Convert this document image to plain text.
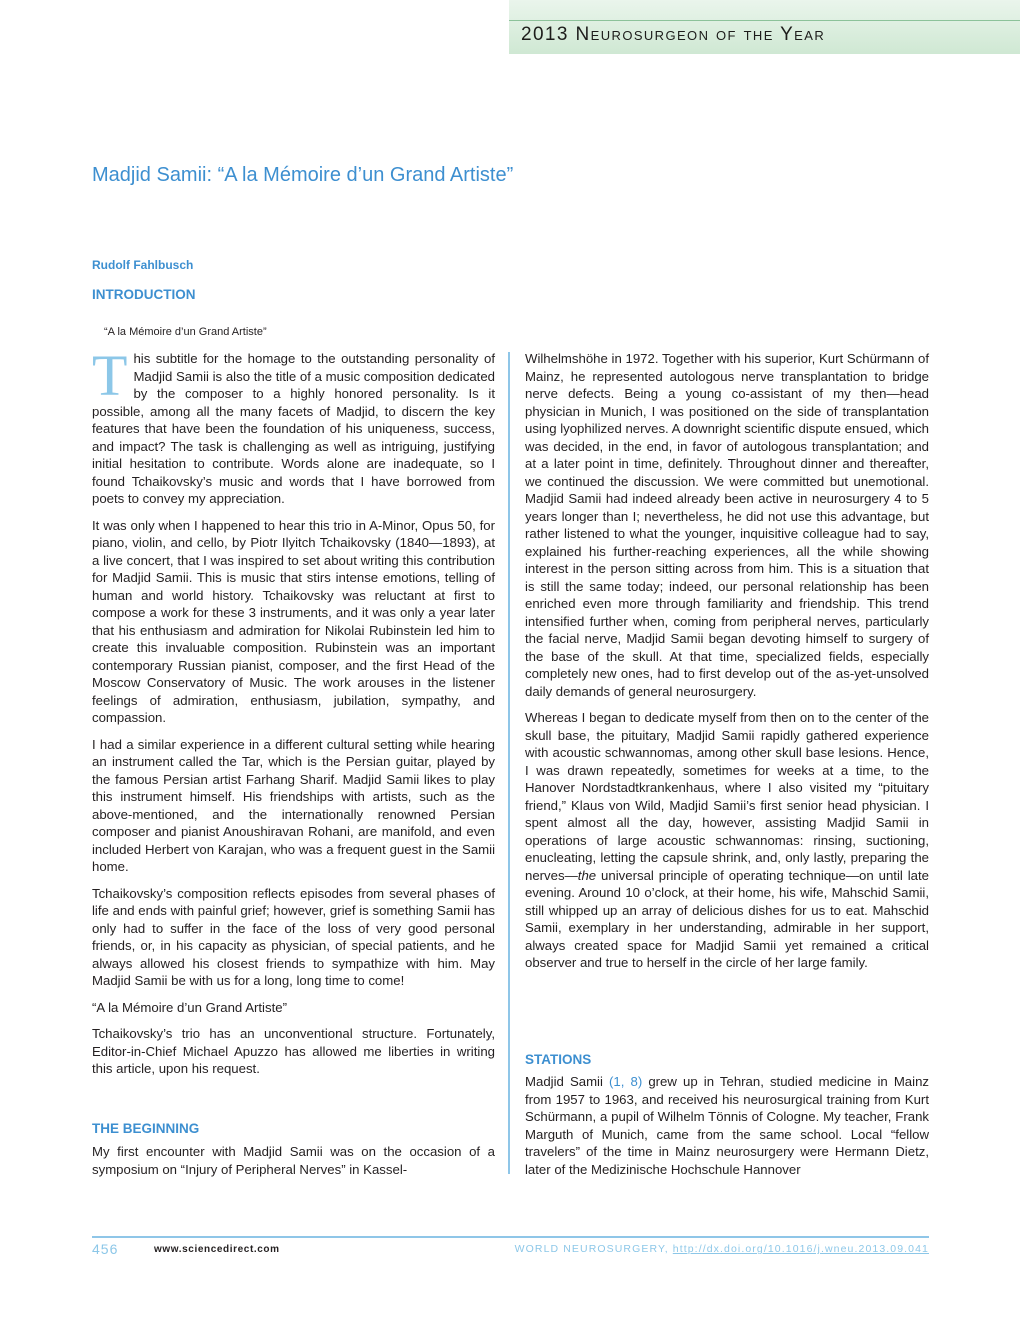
2013 Neurosurgeon of the Year
Madjid Samii: “A la Mémoire d’un Grand Artiste”
Rudolf Fahlbusch
INTRODUCTION
“A la Mémoire d’un Grand Artiste”

This subtitle for the homage to the outstanding personality of Madjid Samii is also the title of a music composition dedicated by the composer to a highly honored personality. Is it possible, among all the many facets of Madjid, to discern the key features that have been the foundation of his uniqueness, success, and impact? The task is challenging as well as intriguing, justifying initial hesitation to contribute. Words alone are inadequate, so I found Tchaikovsky’s music and words that I have borrowed from poets to convey my appreciation.

It was only when I happened to hear this trio in A-Minor, Opus 50, for piano, violin, and cello, by Piotr Ilyitch Tchaikovsky (1840—1893), at a live concert, that I was inspired to set about writing this contribution for Madjid Samii. This is music that stirs intense emotions, telling of human and world history. Tchaikovsky was reluctant at first to compose a work for these 3 instruments, and it was only a year later that his enthusiasm and admiration for Nikolai Rubinstein led him to create this invaluable composition. Rubinstein was an important contemporary Russian pianist, composer, and the first Head of the Moscow Conservatory of Music. The work arouses in the listener feelings of admiration, enthusiasm, jubilation, sympathy, and compassion.

I had a similar experience in a different cultural setting while hearing an instrument called the Tar, which is the Persian guitar, played by the famous Persian artist Farhang Sharif. Madjid Samii likes to play this instrument himself. His friendships with artists, such as the above-mentioned, and the internationally renowned Persian composer and pianist Anoushiravan Rohani, are manifold, and even included Herbert von Karajan, who was a frequent guest in the Samii home.

Tchaikovsky’s composition reflects episodes from several phases of life and ends with painful grief; however, grief is something Samii has only had to suffer in the face of the loss of very good personal friends, or, in his capacity as physician, of special patients, and he always allowed his closest friends to sympathize with him. May Madjid Samii be with us for a long, long time to come!

“A la Mémoire d’un Grand Artiste”

Tchaikovsky’s trio has an unconventional structure. Fortunately, Editor-in-Chief Michael Apuzzo has allowed me liberties in writing this article, upon his request.

THE BEGINNING

My first encounter with Madjid Samii was on the occasion of a symposium on “Injury of Peripheral Nerves” in Kassel-

Wilhelmshöhe in 1972. Together with his superior, Kurt Schürmann of Mainz, he represented autologous nerve transplantation to bridge nerve defects. Being a young co-assistant of my then—head physician in Munich, I was positioned on the side of transplantation using lyophilized nerves. A downright scientific dispute ensued, which was decided, in the end, in favor of autologous transplantation; and at a later point in time, definitely. Throughout dinner and thereafter, we continued the discussion. We were committed but unemotional. Madjid Samii had indeed already been active in neurosurgery 4 to 5 years longer than I; nevertheless, he did not use this advantage, but rather listened to what the younger, inquisitive colleague had to say, explained his further-reaching experiences, all the while showing interest in the person sitting across from him. This is a situation that is still the same today; indeed, our personal relationship has been enriched even more through familiarity and friendship. This trend intensified further when, coming from peripheral nerves, particularly the facial nerve, Madjid Samii began devoting himself to surgery of the base of the skull. At that time, specialized fields, especially completely new ones, had to first develop out of the as-yet-unsolved daily demands of general neurosurgery.

Whereas I began to dedicate myself from then on to the center of the skull base, the pituitary, Madjid Samii rapidly gathered experience with acoustic schwannomas, among other skull base lesions. Hence, I was drawn repeatedly, sometimes for weeks at a time, to the Hanover Nordstadtkrankenhaus, where I also visited my “pituitary friend,” Klaus von Wild, Madjid Samii’s first senior head physician. I spent almost all the day, however, assisting Madjid Samii in operations of large acoustic schwannomas: rinsing, suctioning, enucleating, letting the capsule shrink, and, only lastly, preparing the nerves—the universal principle of operating technique—on until late evening. Around 10 o’clock, at their home, his wife, Mahschid Samii, still whipped up an array of delicious dishes for us to eat. Mahschid Samii, exemplary in her understanding, admirable in her support, always created space for Madjid Samii yet remained a critical observer and true to herself in the circle of her large family.

STATIONS

Madjid Samii (1, 8) grew up in Tehran, studied medicine in Mainz from 1957 to 1963, and received his neurosurgical training from Kurt Schürmann, a pupil of Wilhelm Tönnis of Cologne. My teacher, Frank Marguth of Munich, came from the same school. Local “fellow travelers” of the time in Mainz neurosurgery were Hermann Dietz, later of the Medizinische Hochschule Hannover

456	www.sciencedirect.com	WORLD NEUROSURGERY, http://dx.doi.org/10.1016/j.wneu.2013.09.041
